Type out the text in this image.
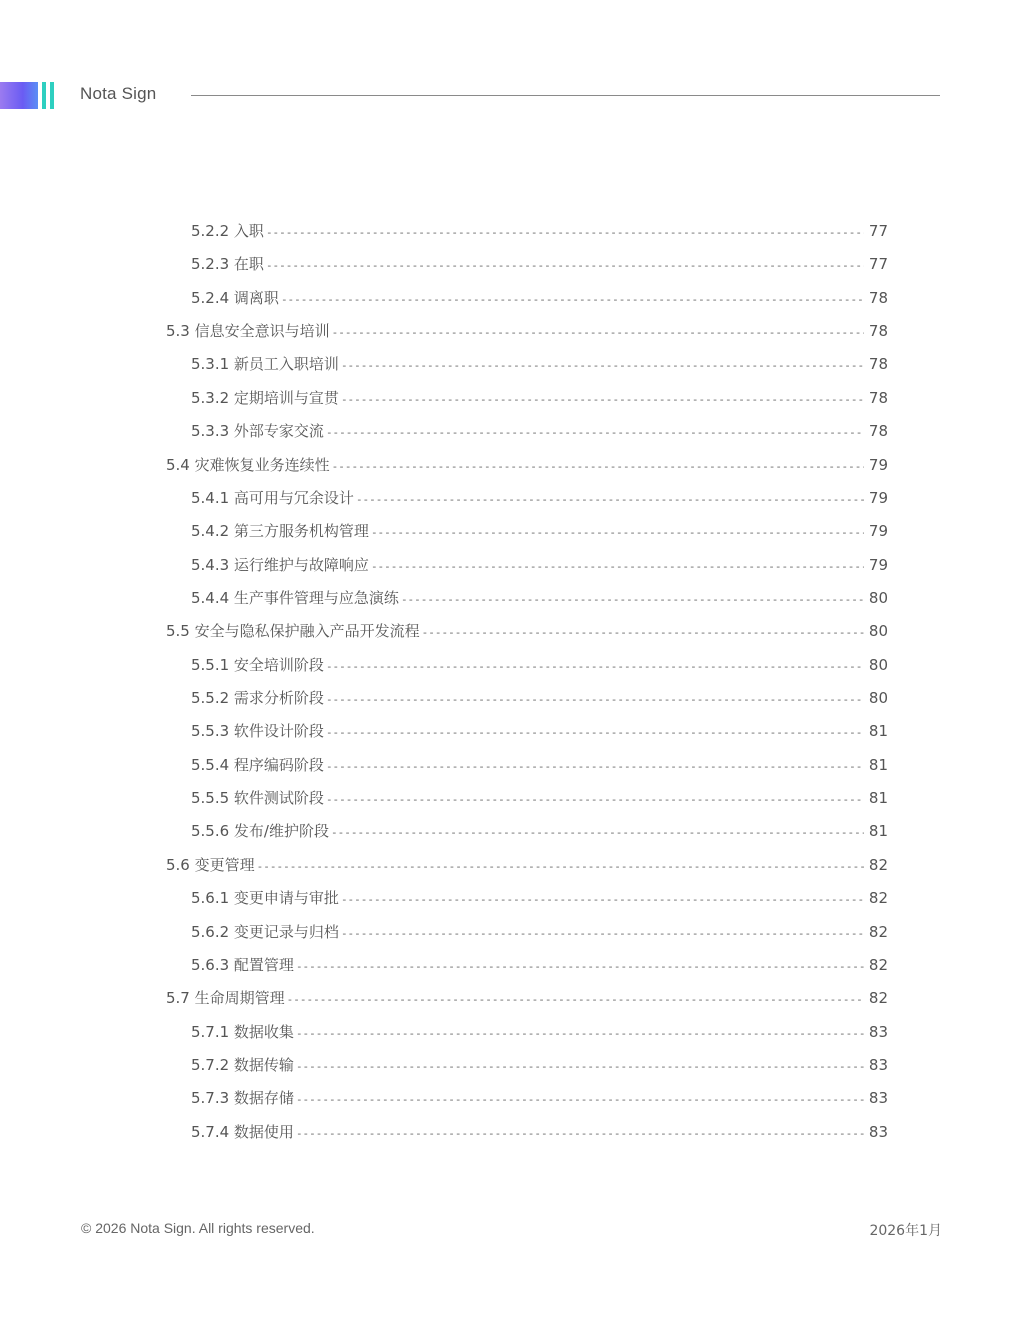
Nota Sign
5.2.2 入职 -----	77
5.2.3 在职 -----	77
5.2.4 调离职 -----	78
5.3 信息安全意识与培训 -----	78
5.3.1 新员工入职培训 -----	78
5.3.2 定期培训与宣贯 -----	78
5.3.3 外部专家交流 -----	78
5.4 灾难恢复业务连续性 -----	79
5.4.1 高可用与冗余设计 -----	79
5.4.2 第三方服务机构管理 -----	79
5.4.3 运行维护与故障响应 -----	79
5.4.4 生产事件管理与应急演练 -----	80
5.5 安全与隐私保护融入产品开发流程 -----	80
5.5.1 安全培训阶段 -----	80
5.5.2 需求分析阶段 -----	80
5.5.3 软件设计阶段 -----	81
5.5.4 程序编码阶段 -----	81
5.5.5 软件测试阶段 -----	81
5.5.6 发布/维护阶段 -----	81
5.6 变更管理 -----	82
5.6.1 变更申请与审批 -----	82
5.6.2 变更记录与归档 -----	82
5.6.3 配置管理 -----	82
5.7 生命周期管理 -----	82
5.7.1 数据收集 -----	83
5.7.2 数据传输 -----	83
5.7.3 数据存储 -----	83
5.7.4 数据使用 -----	83
© 2026 Nota Sign. All rights reserved.	2026年1月
